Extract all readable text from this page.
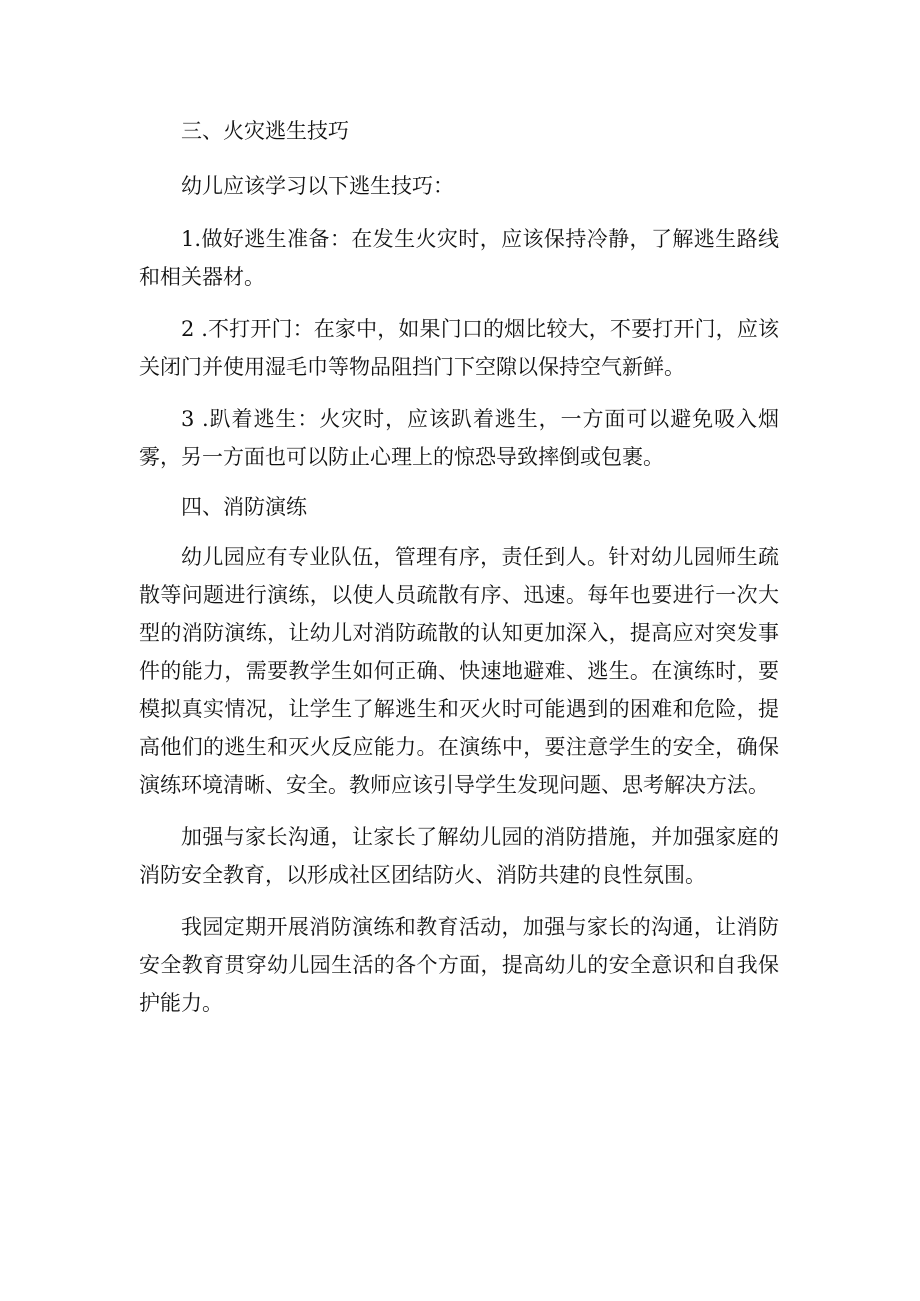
三、火灾逃生技巧

幼儿应该学习以下逃生技巧：

1.做好逃生准备：在发生火灾时，应该保持冷静，了解逃生路线和相关器材。

2 .不打开门：在家中，如果门口的烟比较大，不要打开门，应该关闭门并使用湿毛巾等物品阻挡门下空隙以保持空气新鲜。

3 .趴着逃生：火灾时，应该趴着逃生，一方面可以避免吸入烟雾，另一方面也可以防止心理上的惊恐导致摔倒或包裹。

四、消防演练

幼儿园应有专业队伍，管理有序，责任到人。针对幼儿园师生疏散等问题进行演练，以使人员疏散有序、迅速。每年也要进行一次大型的消防演练，让幼儿对消防疏散的认知更加深入，提高应对突发事件的能力，需要教学生如何正确、快速地避难、逃生。在演练时，要模拟真实情况，让学生了解逃生和灭火时可能遇到的困难和危险，提高他们的逃生和灭火反应能力。在演练中，要注意学生的安全，确保演练环境清晰、安全。教师应该引导学生发现问题、思考解决方法。

加强与家长沟通，让家长了解幼儿园的消防措施，并加强家庭的消防安全教育，以形成社区团结防火、消防共建的良性氛围。

我园定期开展消防演练和教育活动，加强与家长的沟通，让消防安全教育贯穿幼儿园生活的各个方面，提高幼儿的安全意识和自我保护能力。
